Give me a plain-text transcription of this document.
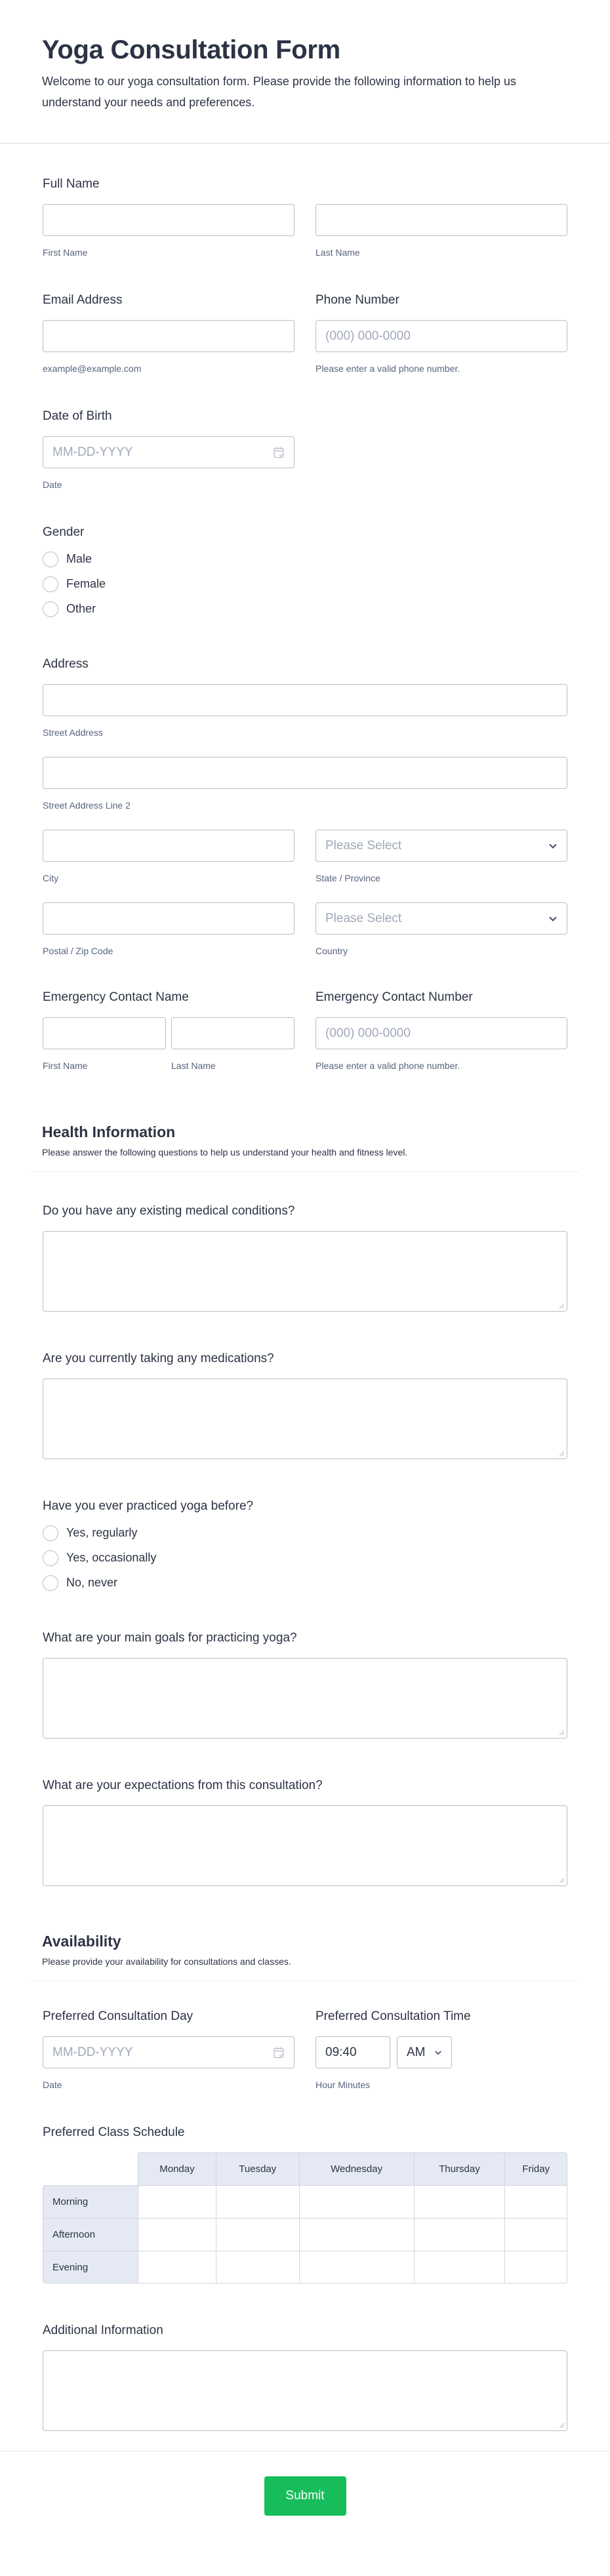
Yoga Consultation Form

Welcome to our yoga consultation form. Please provide the following information to help us understand your needs and preferences.

Full Name
First Name	Last Name
Email Address
example@example.com
Phone Number
(000) 000-0000
Please enter a valid phone number.
Date of Birth
MM-DD-YYYY
Date
Gender
Male
Female
Other
Address
Street Address
Street Address Line 2
City
Please Select
State / Province
Postal / Zip Code
Please Select
Country
Emergency Contact Name
First Name	Last Name
Emergency Contact Number
(000) 000-0000
Please enter a valid phone number.
Health Information

Please answer the following questions to help us understand your health and fitness level.

Do you have any existing medical conditions?
Are you currently taking any medications?
Have you ever practiced yoga before?
Yes, regularly
Yes, occasionally
No, never
What are your main goals for practicing yoga?
What are your expectations from this consultation?
Availability

Please provide your availability for consultations and classes.

Preferred Consultation Day
MM-DD-YYYY
Date
Preferred Consultation Time
09:40	AM
Hour Minutes
Preferred Class Schedule
	Monday	Tuesday	Wednesday	Thursday	Friday
Morning					
Afternoon					
Evening					
Additional Information
Submit
